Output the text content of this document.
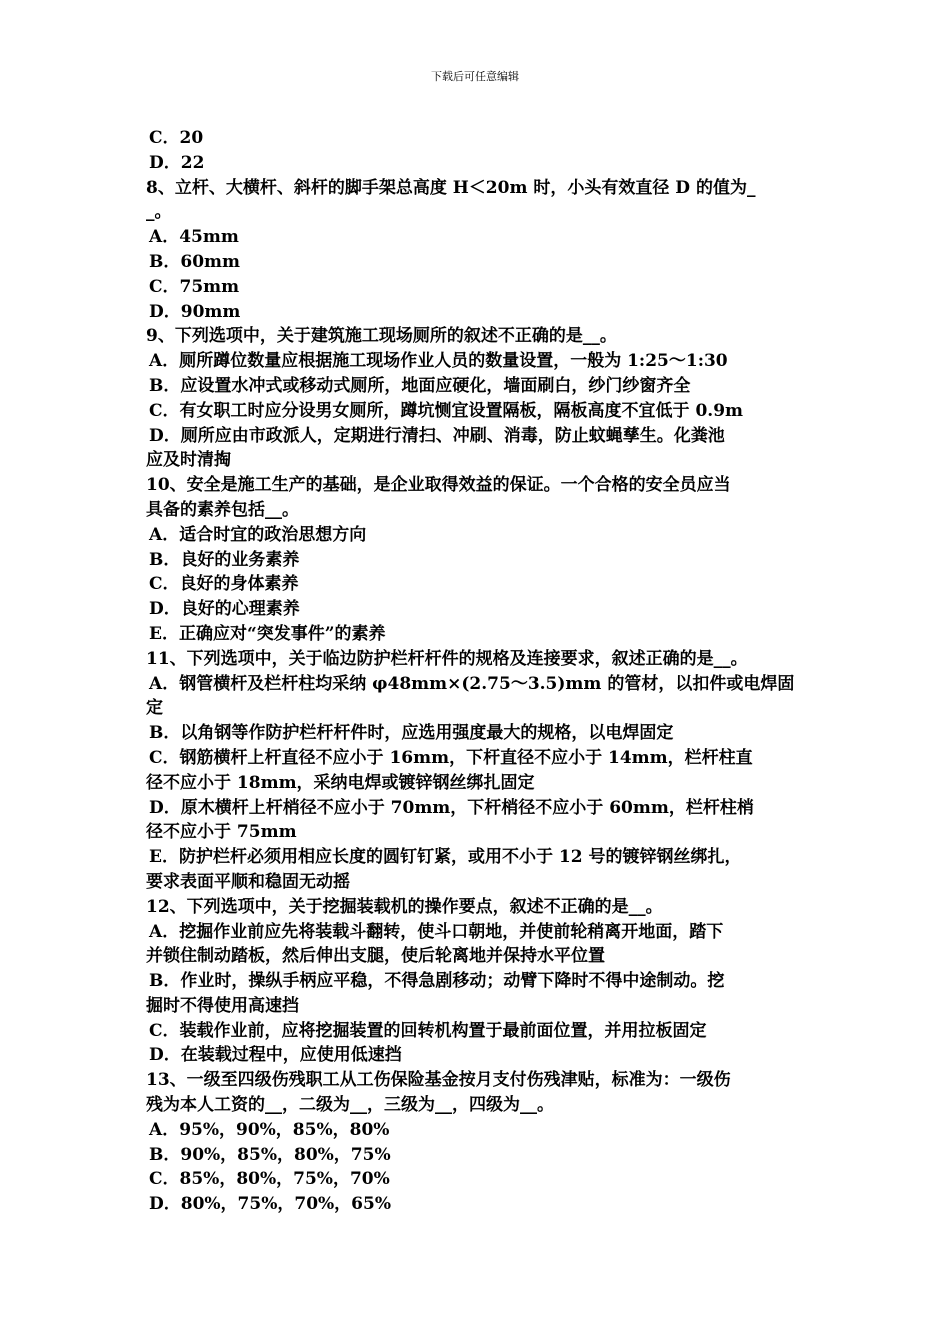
下载后可任意编辑
C．20
D．22
8、立杆、大横杆、斜杆的脚手架总高度 H＜20m 时，小头有效直径 D 的值为_
_。
A．45mm
B．60mm
C．75mm
D．90mm
9、下列选项中，关于建筑施工现场厕所的叙述不正确的是__。
A．厕所蹲位数量应根据施工现场作业人员的数量设置，一般为 1:25～1:30
B．应设置水冲式或移动式厕所，地面应硬化，墙面刷白，纱门纱窗齐全
C．有女职工时应分设男女厕所，蹲坑恻宜设置隔板，隔板高度不宜低于 0.9m
D．厕所应由市政派人，定期进行清扫、冲刷、消毒，防止蚊蝇孳生。化粪池
应及时清掏
10、安全是施工生产的基础，是企业取得效益的保证。一个合格的安全员应当
具备的素养包括__。
A．适合时宜的政治思想方向
B．良好的业务素养
C．良好的身体素养
D．良好的心理素养
E．正确应对“突发事件”的素养
11、下列选项中，关于临边防护栏杆杆件的规格及连接要求，叙述正确的是__。
A．钢管横杆及栏杆柱均采纳 φ48mm×(2.75～3.5)mm 的管材，以扣件或电焊固
定
B．以角钢等作防护栏杆杆件时，应选用强度最大的规格，以电焊固定
C．钢筋横杆上杆直径不应小于 16mm，下杆直径不应小于 14mm，栏杆柱直
径不应小于 18mm，采纳电焊或镀锌钢丝绑扎固定
D．原木横杆上杆梢径不应小于 70mm，下杆梢径不应小于 60mm，栏杆柱梢
径不应小于 75mm
E．防护栏杆必须用相应长度的圆钉钉紧，或用不小于 12 号的镀锌钢丝绑扎，
要求表面平顺和稳固无动摇
12、下列选项中，关于挖掘装载机的操作要点，叙述不正确的是__。
A．挖掘作业前应先将装载斗翻转，使斗口朝地，并使前轮稍离开地面，踏下
并锁住制动踏板，然后伸出支腿，使后轮离地并保持水平位置
B．作业时，操纵手柄应平稳，不得急剧移动；动臂下降时不得中途制动。挖
掘时不得使用高速挡
C．装载作业前，应将挖掘装置的回转机构置于最前面位置，并用拉板固定
D．在装载过程中，应使用低速挡
13、一级至四级伤残职工从工伤保险基金按月支付伤残津贴，标准为：一级伤
残为本人工资的__，二级为__，三级为__，四级为__。
A．95%，90%，85%，80%
B．90%，85%，80%，75%
C．85%，80%，75%，70%
D．80%，75%，70%，65%
